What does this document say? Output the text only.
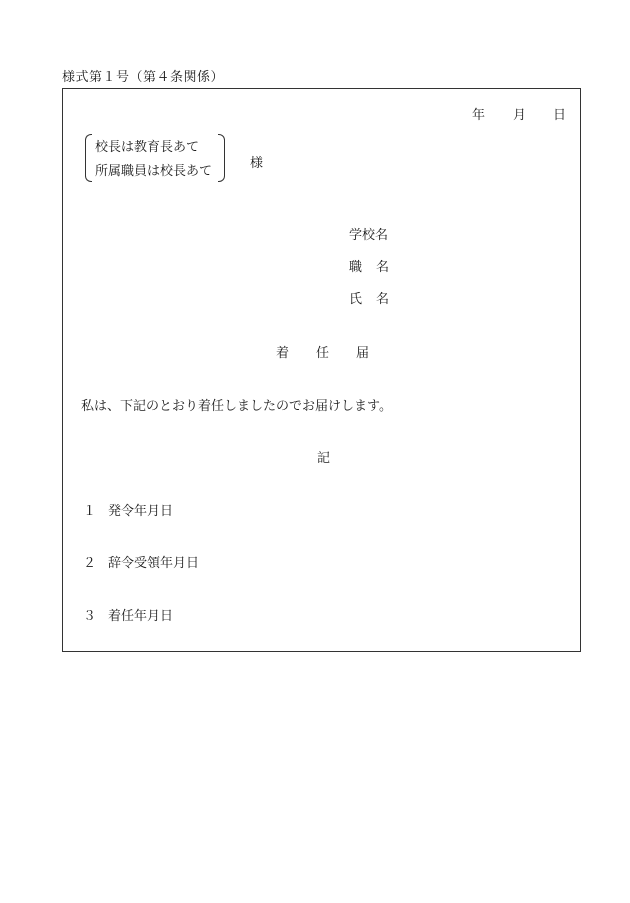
様式第１号（第４条関係）
年 月 日
校長は教育長あて
所属職員は校長あて
様
学校名
職 名
氏 名
着 任 届
私は、下記のとおり着任しましたのでお届けします。
記
１ 発令年月日
２ 辞令受領年月日
３ 着任年月日
